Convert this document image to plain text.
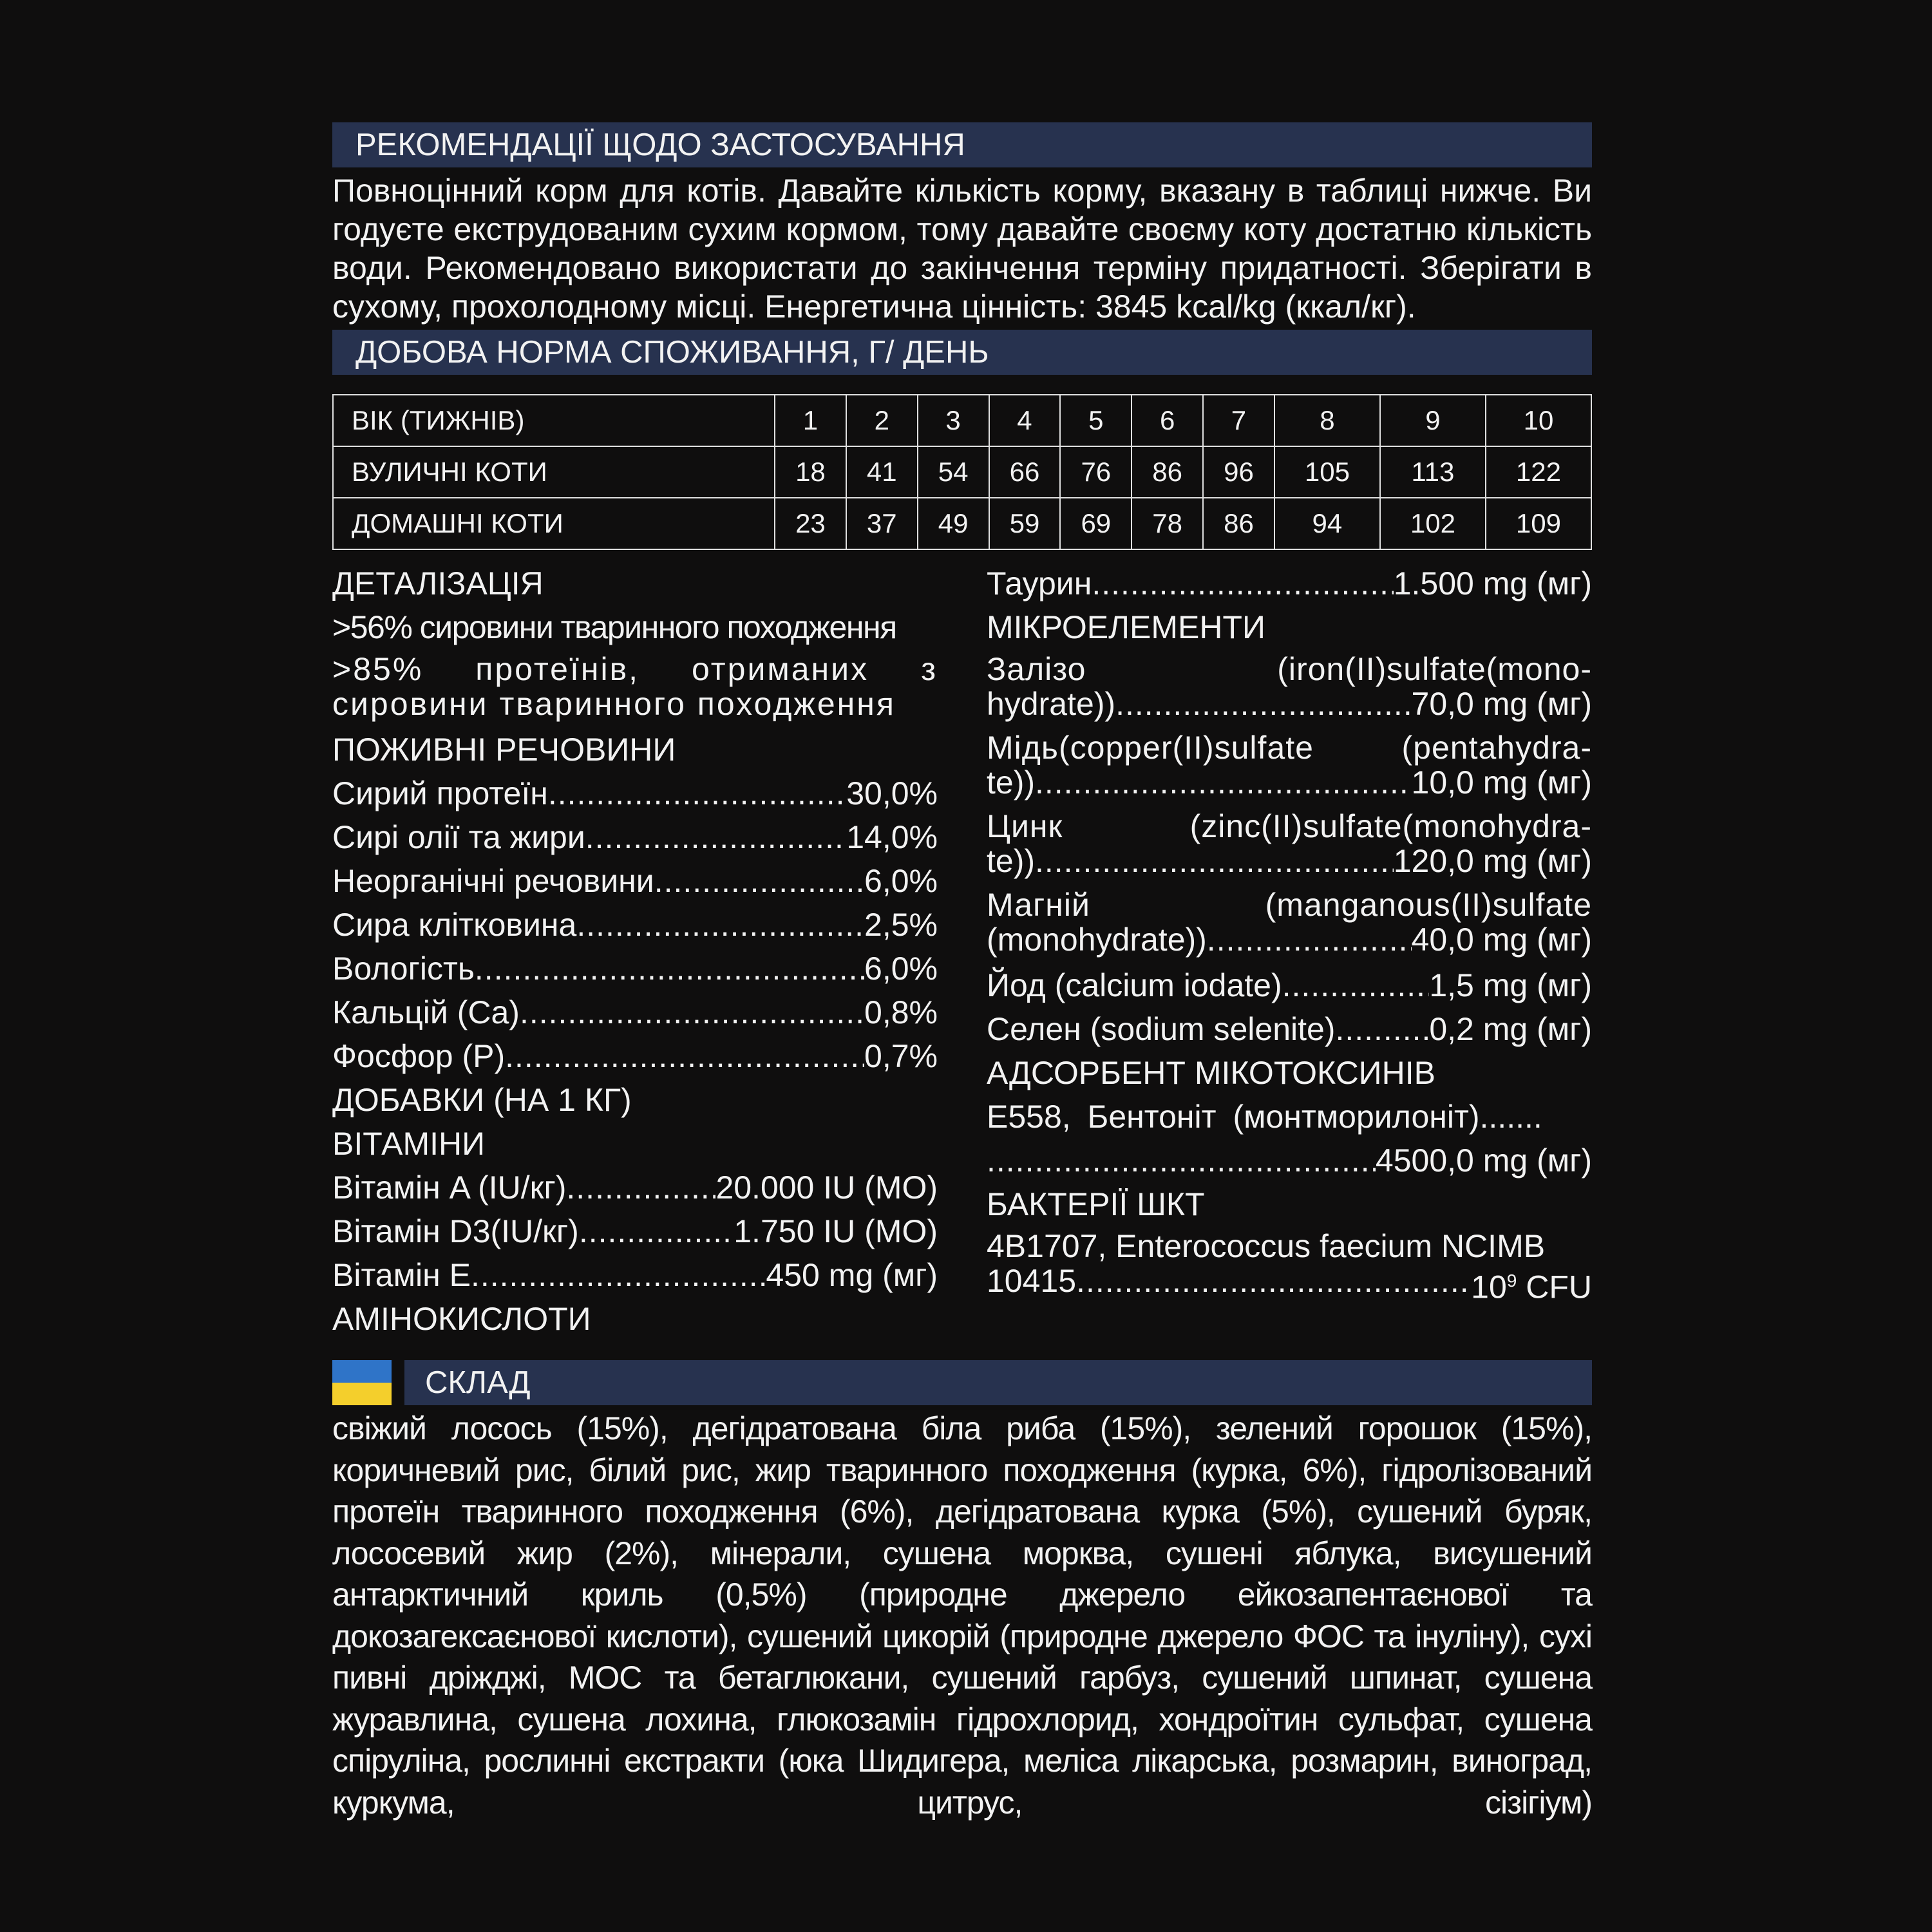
РЕКОМЕНДАЦІЇ ЩОДО ЗАСТОСУВАННЯ
Повноцінний корм для котів. Давайте кількість корму, вказану в таблиці нижче. Ви годуєте екструдованим сухим кормом, тому давайте своєму коту достатню кількість води. Рекомендовано використати до закінчення терміну придатності. Зберігати в сухому, прохолодному місці. Енергетична цінність: 3845 kcal/kg (ккал/кг).
ДОБОВА НОРМА СПОЖИВАННЯ, Г/ ДЕНЬ
ВІК (ТИЖНІВ)	1	2	3	4	5	6	7	8	9	10
ВУЛИЧНІ КОТИ	18	41	54	66	76	86	96	105	113	122
ДОМАШНІ КОТИ	23	37	49	59	69	78	86	94	102	109
ДЕТАЛІЗАЦІЯ
>56% сировини тваринного походження
>85% протеїнів, отриманих з сировини тваринного походження
ПОЖИВНІ РЕЧОВИНИ
Сирий протеїн .....	30,0%
Сирі олії та жири .....	14,0%
Неорганічні речовини .....	6,0%
Сира клітковина .....	2,5%
Вологість .....	6,0%
Кальцій (Ca) .....	0,8%
Фосфор (P) .....	0,7%
ДОБАВКИ (НА 1 КГ)
ВІТАМІНИ
Вітамін A (IU/кг) .....	20.000 IU (МО)
Вітамін D3(IU/кг) .....	1.750 IU (МО)
Вітамін Е .....	450 mg (мг)
АМІНОКИСЛОТИ
Таурин .....	1.500 mg (мг)
МІКРОЕЛЕМЕНТИ
Залізо (iron(II)sulfate(mono-
hydrate)) .....	70,0 mg (мг)
Мідь(copper(II)sulfate (pentahydra-
te)) .....	10,0 mg (мг)
Цинк (zinc(II)sulfate(monohydra-
te)) .....	120,0 mg (мг)
Магній (manganous(II)sulfate
(monohydrate)) .....	40,0 mg (мг)
Йод (calcium iodate) .....	1,5 mg (мг)
Селен (sodium selenite) .....	0,2 mg (мг)
АДСОРБЕНТ МІКОТОКСИНІВ
E558, Бентоніт (монтморилоніт).......
.....
4500,0 mg (мг)
БАКТЕРІЇ ШКТ
4B1707, Enterococcus faecium NCIMB
10415 .....	$10^9$ CFU
СКЛАД
свіжий лосось (15%), дегідратована біла риба (15%), зелений горошок (15%), коричневий рис, білий рис, жир тваринного походження (курка, 6%), гідролізований протеїн тваринного походження (6%), дегідратована курка (5%), сушений буряк, лососевий жир (2%), мінерали, сушена морква, сушені яблука, висушений антарктичний криль (0,5%) (природне джерело ейкозапентаєнової та докозагексаєнової кислоти), сушений цикорій (природне джерело ФОС та інуліну), сухі пивні дріжджі, МОС та бетаглюкани, сушений гарбуз, сушений шпинат, сушена журавлина, сушена лохина, глюкозамін гідрохлорид, хондроїтин сульфат, сушена спіруліна, рослинні екстракти (юка Шидигера, меліса лікарська, розмарин, виноград, куркума, цитрус, сізігіум)
